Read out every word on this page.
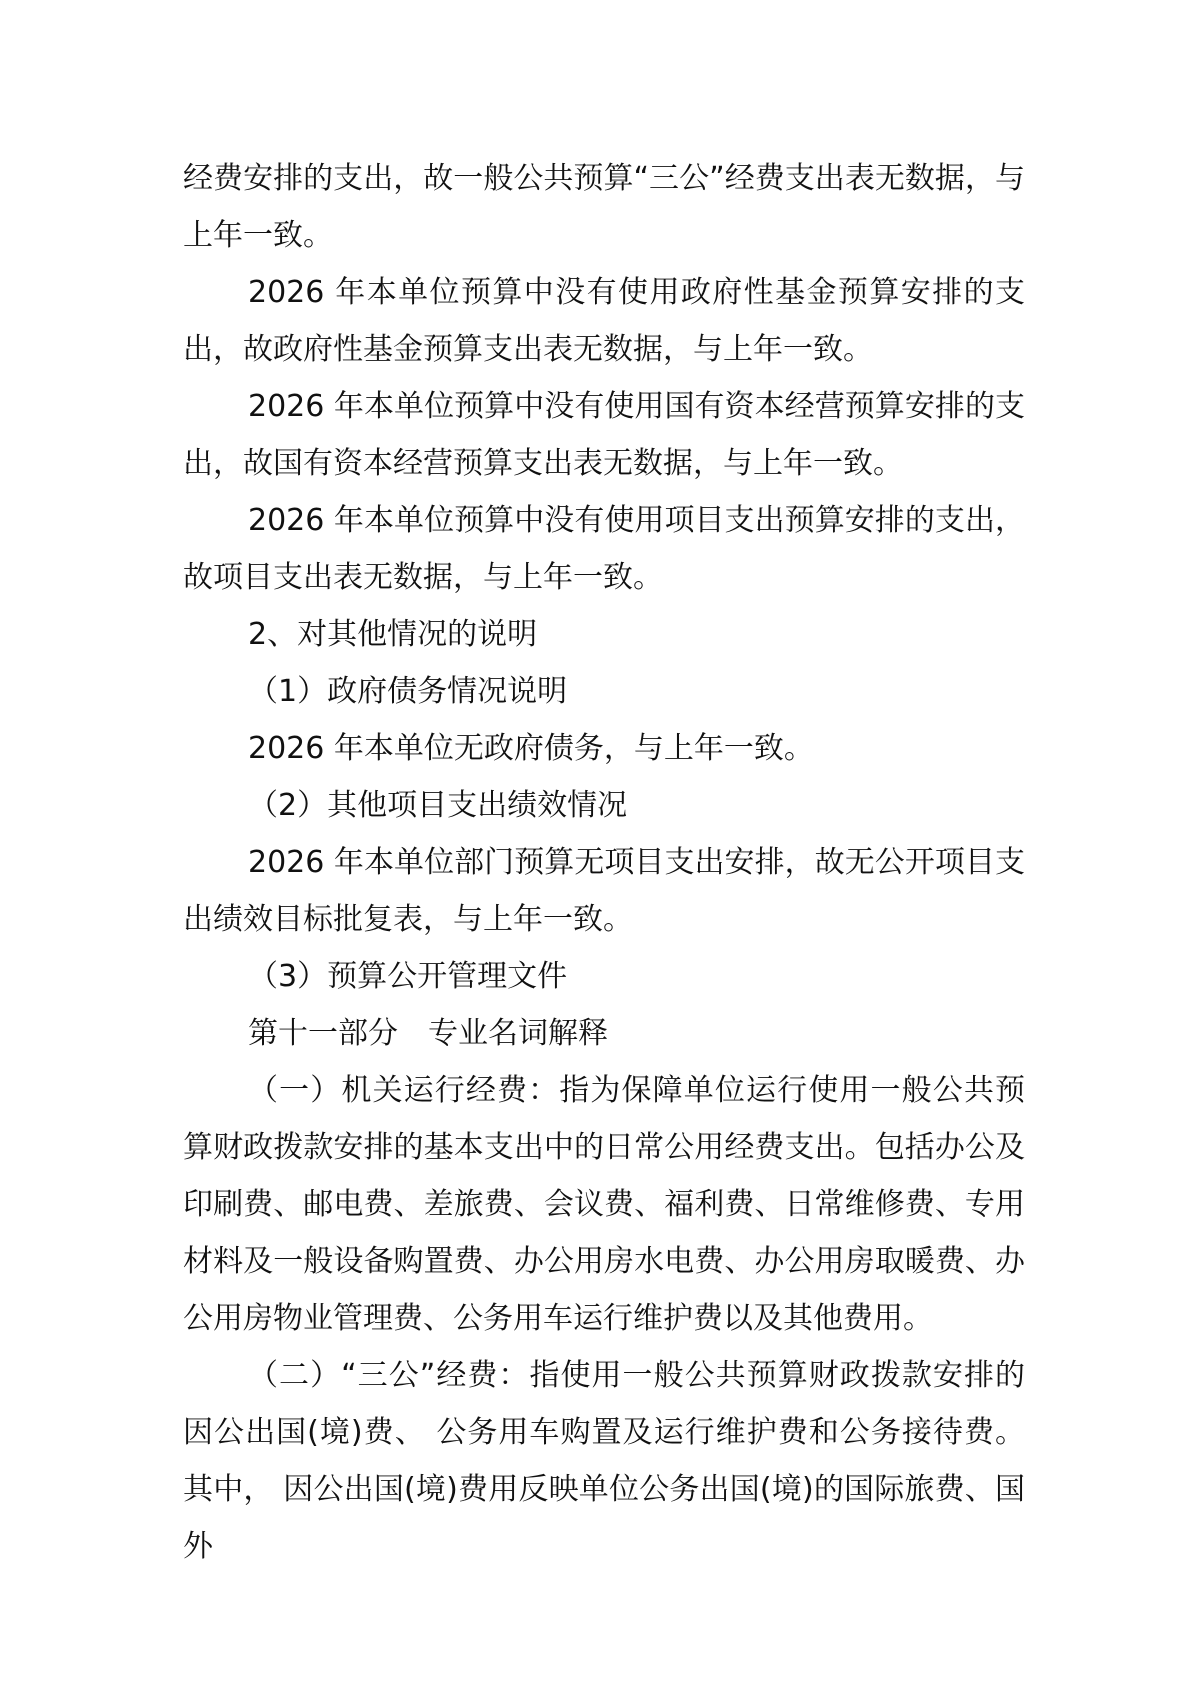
经费安排的支出，故一般公共预算“三公”经费支出表无数据，与上年一致。

2026 年本单位预算中没有使用政府性基金预算安排的支出，故政府性基金预算支出表无数据，与上年一致。

2026 年本单位预算中没有使用国有资本经营预算安排的支出，故国有资本经营预算支出表无数据，与上年一致。

2026 年本单位预算中没有使用项目支出预算安排的支出，故项目支出表无数据，与上年一致。

2、对其他情况的说明

（1）政府债务情况说明

2026 年本单位无政府债务，与上年一致。

（2）其他项目支出绩效情况

2026 年本单位部门预算无项目支出安排，故无公开项目支出绩效目标批复表，与上年一致。

（3）预算公开管理文件

第十一部分　专业名词解释

（一）机关运行经费：指为保障单位运行使用一般公共预算财政拨款安排的基本支出中的日常公用经费支出。包括办公及印刷费、邮电费、差旅费、会议费、福利费、日常维修费、专用材料及一般设备购置费、办公用房水电费、办公用房取暖费、办公用房物业管理费、公务用车运行维护费以及其他费用。

（二）“三公”经费：指使用一般公共预算财政拨款安排的因公出国(境)费、 公务用车购置及运行维护费和公务接待费。其中， 因公出国(境)费用反映单位公务出国(境)的国际旅费、国外
